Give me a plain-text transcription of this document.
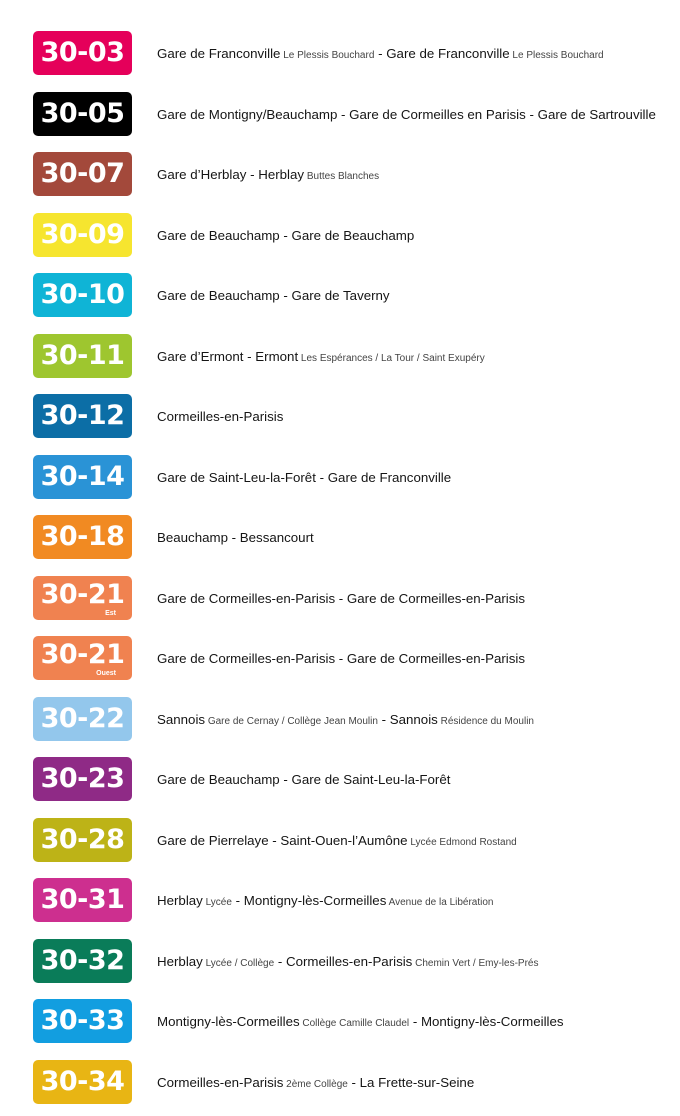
30-03 Gare de Franconville Le Plessis Bouchard - Gare de Franconville Le Plessis Bouchard
30-05 Gare de Montigny/Beauchamp - Gare de Cormeilles en Parisis - Gare de Sartrouville
30-07 Gare d’Herblay - Herblay Buttes Blanches
30-09 Gare de Beauchamp - Gare de Beauchamp
30-10 Gare de Beauchamp - Gare de Taverny
30-11 Gare d’Ermont - Ermont Les Espérances / La Tour / Saint Exupéry
30-12 Cormeilles-en-Parisis
30-14 Gare de Saint-Leu-la-Forêt - Gare de Franconville
30-18 Beauchamp - Bessancourt
30-21
Est
Gare de Cormeilles-en-Parisis - Gare de Cormeilles-en-Parisis
30-21
Ouest
Gare de Cormeilles-en-Parisis - Gare de Cormeilles-en-Parisis
30-22 Sannois Gare de Cernay / Collège Jean Moulin - Sannois Résidence du Moulin
30-23 Gare de Beauchamp - Gare de Saint-Leu-la-Forêt
30-28 Gare de Pierrelaye - Saint-Ouen-l’Aumône Lycée Edmond Rostand
30-31 Herblay Lycée - Montigny-lès-Cormeilles Avenue de la Libération
30-32 Herblay Lycée / Collège - Cormeilles-en-Parisis Chemin Vert / Emy-les-Prés
30-33 Montigny-lès-Cormeilles Collège Camille Claudel - Montigny-lès-Cormeilles
30-34 Cormeilles-en-Parisis 2ème Collège - La Frette-sur-Seine
